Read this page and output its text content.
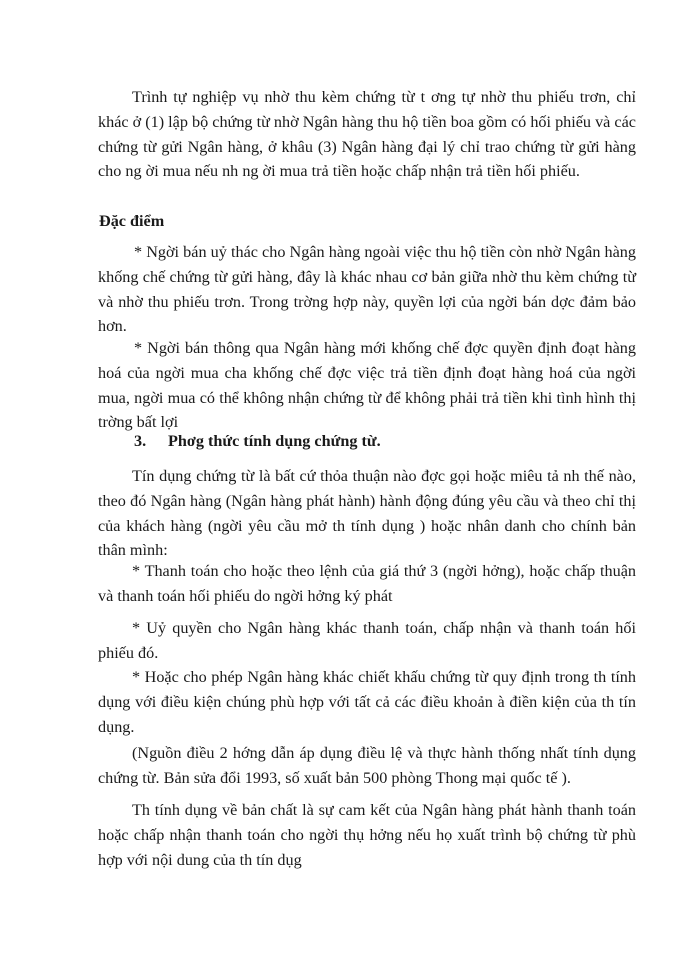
Trình tự nghiệp vụ nhờ thu kèm chứng từ t ơng tự nhờ thu phiếu trơn, chỉ khác ở (1) lập bộ chứng từ nhờ Ngân hàng thu hộ tiền boa gồm có hối phiếu và các chứng từ gửi Ngân hàng, ở khâu (3) Ngân hàng đại lý chỉ trao chứng từ gửi hàng cho ng ời mua nếu nh ng ời mua trả tiền hoặc chấp nhận trả tiền hối phiếu.

Đặc điểm

* Ngời bán uỷ thác cho Ngân hàng ngoài việc thu hộ tiền còn nhờ Ngân hàng khống chế chứng từ gửi hàng, đây là khác nhau cơ bản giữa nhờ thu kèm chứng từ và nhờ thu phiếu trơn. Trong trờng hợp này, quyền lợi của ngời bán dợc đảm bảo hơn.

* Ngời bán thông qua Ngân hàng mới khống chế đợc quyền định đoạt hàng hoá của ngời mua cha khống chế đợc việc trả tiền định đoạt hàng hoá của ngời mua, ngời mua có thể không nhận chứng từ để không phải trả tiền khi tình hình thị trờng bất lợi

3. Phơg thức tính dụng chứng từ.

Tín dụng chứng từ là bất cứ thỏa thuận nào đợc gọi hoặc miêu tả nh thế nào, theo đó Ngân hàng (Ngân hàng phát hành) hành động đúng yêu cầu và theo chỉ thị của khách hàng (ngời yêu cầu mở th tính dụng ) hoặc nhân danh cho chính bản thân mình:

* Thanh toán cho hoặc theo lệnh của giá thứ 3 (ngời hởng), hoặc chấp thuận và thanh toán hối phiếu do ngời hởng ký phát

* Uỷ quyền cho Ngân hàng khác thanh toán, chấp nhận và thanh toán hối phiếu đó.

* Hoặc cho phép Ngân hàng khác chiết khấu chứng từ quy định trong th tính dụng với điều kiện chúng phù hợp với tất cả các điều khoản à điền kiện của th tín dụng.

(Nguồn điều 2 hớng dẫn áp dụng điều lệ và thực hành thống nhất tính dụng chứng từ. Bản sửa đổi 1993, số xuất bản 500 phòng Thong mại quốc tế ).

Th tính dụng về bản chất là sự cam kết của Ngân hàng phát hành thanh toán hoặc chấp nhận thanh toán cho ngời thụ hởng nếu họ xuất trình bộ chứng từ phù hợp với nội dung của th tín dụg
